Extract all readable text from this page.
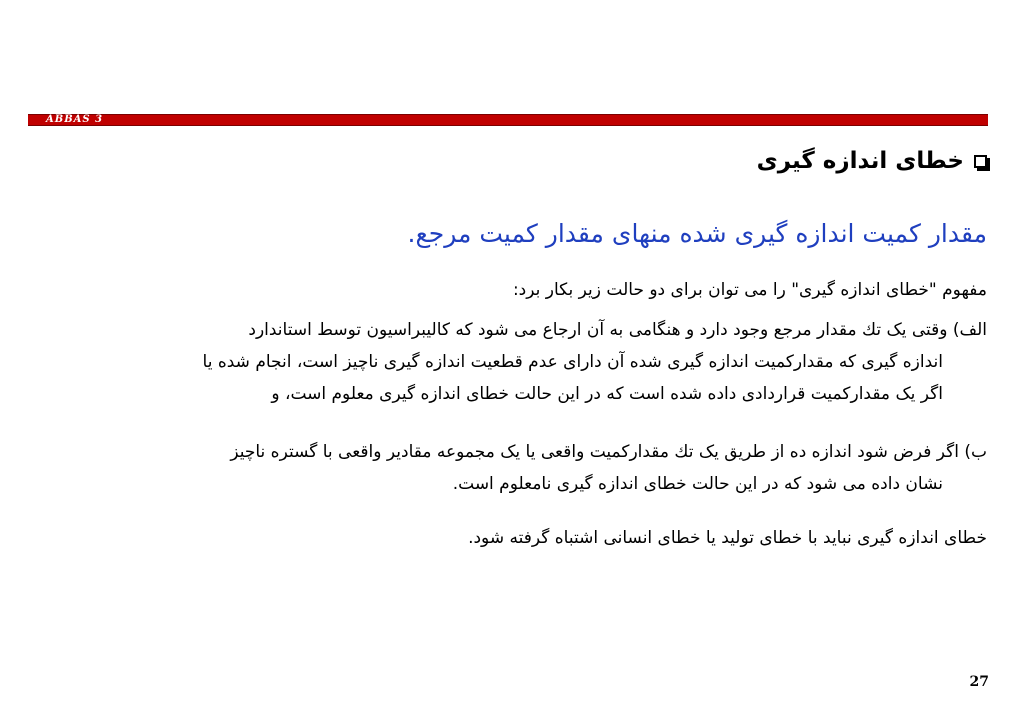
ABBAS 3
خطای اندازه گیری
مقدار کمیت اندازه گیری شده منهای مقدار کمیت مرجع.
مفهوم "خطای اندازه گیری" را می توان برای دو حالت زیر بکار برد:
الف) وقتی یک تك مقدار مرجع وجود دارد و هنگامی به آن ارجاع می شود که کالیبراسیون توسط استاندارد
اندازه گیری که مقدارکمیت اندازه گیری شده آن دارای عدم قطعیت اندازه گیری ناچیز است، انجام شده یا
اگر یک مقدارکمیت قراردادی داده شده است که در این حالت خطای اندازه گیری معلوم است، و
ب) اگر فرض شود اندازه ده از طریق یک تك مقدارکمیت واقعی یا یک مجموعه مقادیر واقعی با گستره ناچیز
نشان داده می شود که در این حالت خطای اندازه گیری نامعلوم است.
خطای اندازه گیری نباید با خطای تولید یا خطای انسانی اشتباه گرفته شود.
27
